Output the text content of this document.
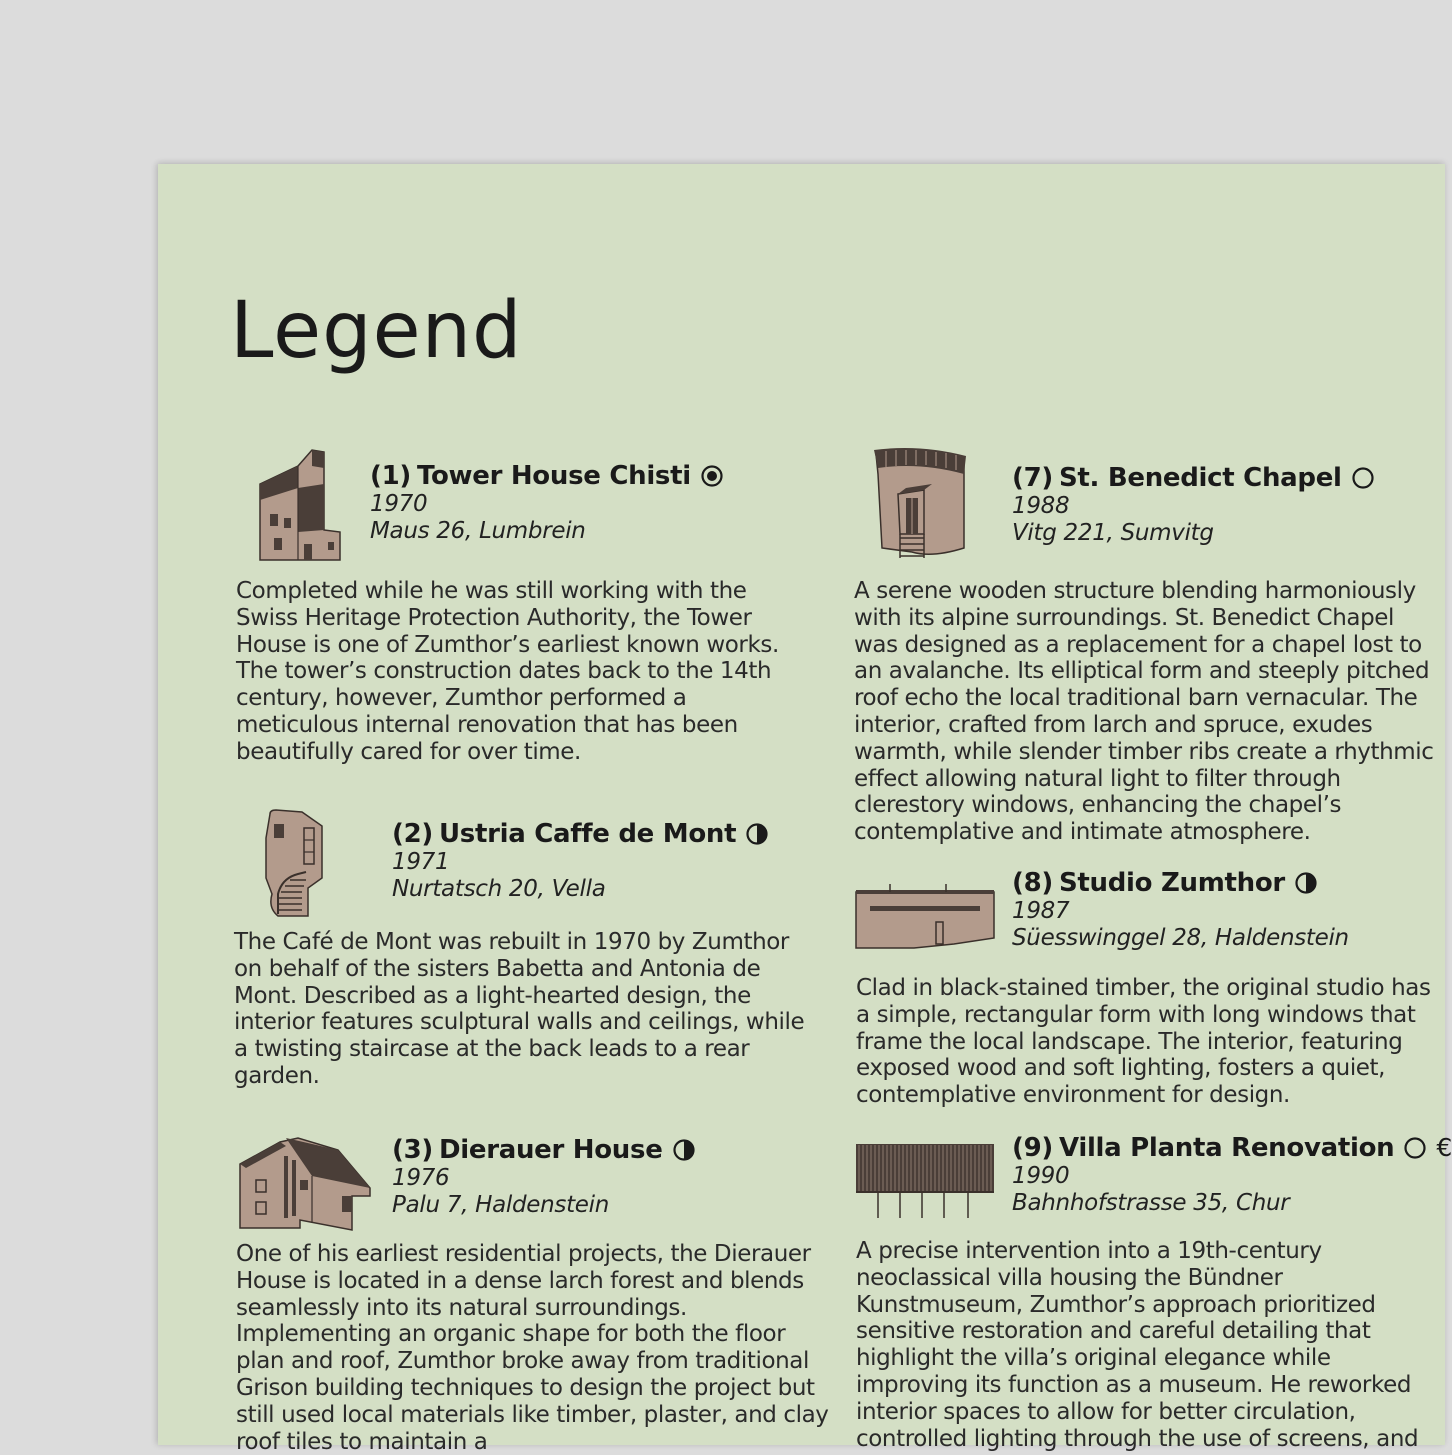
Legend
(1) Tower House Chisti
1970
Maus 26, Lumbrein

Completed while he was still working with the Swiss Heritage Protection Authority, the Tower House is one of Zumthor’s earliest known works. The tower’s construction dates back to the 14th century, however, Zumthor performed a meticulous internal renovation that has been beautifully cared for over time.

(2) Ustria Caffe de Mont
1971
Nurtatsch 20, Vella

The Café de Mont was rebuilt in 1970 by Zumthor on behalf of the sisters Babetta and Antonia de Mont. Described as a light-hearted design, the interior features sculptural walls and ceilings, while a twisting staircase at the back leads to a rear garden.

(3) Dierauer House
1976
Palu 7, Haldenstein

One of his earliest residential projects, the Dierauer House is located in a dense larch forest and blends seamlessly into its natural surroundings. Implementing an organic shape for both the floor plan and roof, Zumthor broke away from traditional Grison building techniques to design the project but still used local materials like timber, plaster, and clay roof tiles to maintain a

(7) St. Benedict Chapel
1988
Vitg 221, Sumvitg

A serene wooden structure blending harmoniously with its alpine surroundings. St. Benedict Chapel was designed as a replacement for a chapel lost to an avalanche. Its elliptical form and steeply pitched roof echo the local traditional barn vernacular. The interior, crafted from larch and spruce, exudes warmth, while slender timber ribs create a rhythmic effect allowing natural light to filter through clerestory windows, enhancing the chapel’s contemplative and intimate atmosphere.

(8) Studio Zumthor
1987
Süesswinggel 28, Haldenstein

Clad in black-stained timber, the original studio has a simple, rectangular form with long windows that frame the local landscape. The interior, featuring exposed wood and soft lighting, fosters a quiet, contemplative environment for design.

(9) Villa Planta Renovation €
1990
Bahnhofstrasse 35, Chur

A precise intervention into a 19th-century neoclassical villa housing the Bündner Kunstmuseum, Zumthor’s approach prioritized sensitive restoration and careful detailing that highlight the villa’s original elegance while improving its function as a museum. He reworked interior spaces to allow for better circulation, controlled lighting through the use of screens, and
